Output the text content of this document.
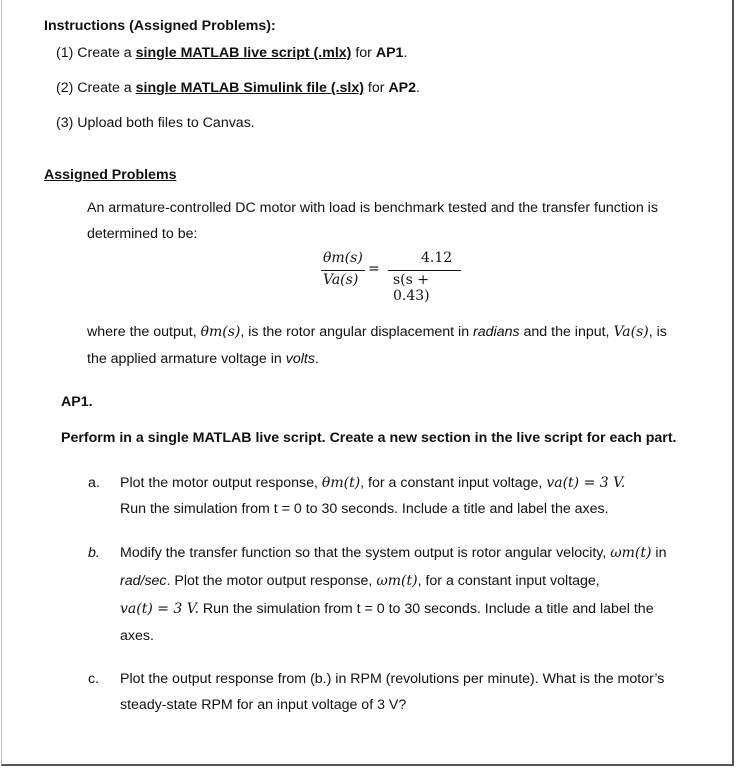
Instructions (Assigned Problems):
(1) Create a single MATLAB live script (.mlx) for AP1.
(2) Create a single MATLAB Simulink file (.slx) for AP2.
(3) Upload both files to Canvas.
Assigned Problems
An armature-controlled DC motor with load is benchmark tested and the transfer function is
determined to be:
θm(s)
Va(s)
=
4.12
s(s + 0.43)
where the output, θm(s), is the rotor angular displacement in radians and the input, Va(s), is
the applied armature voltage in volts.
AP1.
Perform in a single MATLAB live script. Create a new section in the live script for each part.
a. Plot the motor output response, θm(t), for a constant input voltage, va(t) = 3 V.
Run the simulation from t = 0 to 30 seconds. Include a title and label the axes.
b. Modify the transfer function so that the system output is rotor angular velocity, ωm(t) in
rad/sec. Plot the motor output response, ωm(t), for a constant input voltage,
va(t) = 3 V. Run the simulation from t = 0 to 30 seconds. Include a title and label the
axes.
c. Plot the output response from (b.) in RPM (revolutions per minute). What is the motor’s
steady-state RPM for an input voltage of 3 V?
